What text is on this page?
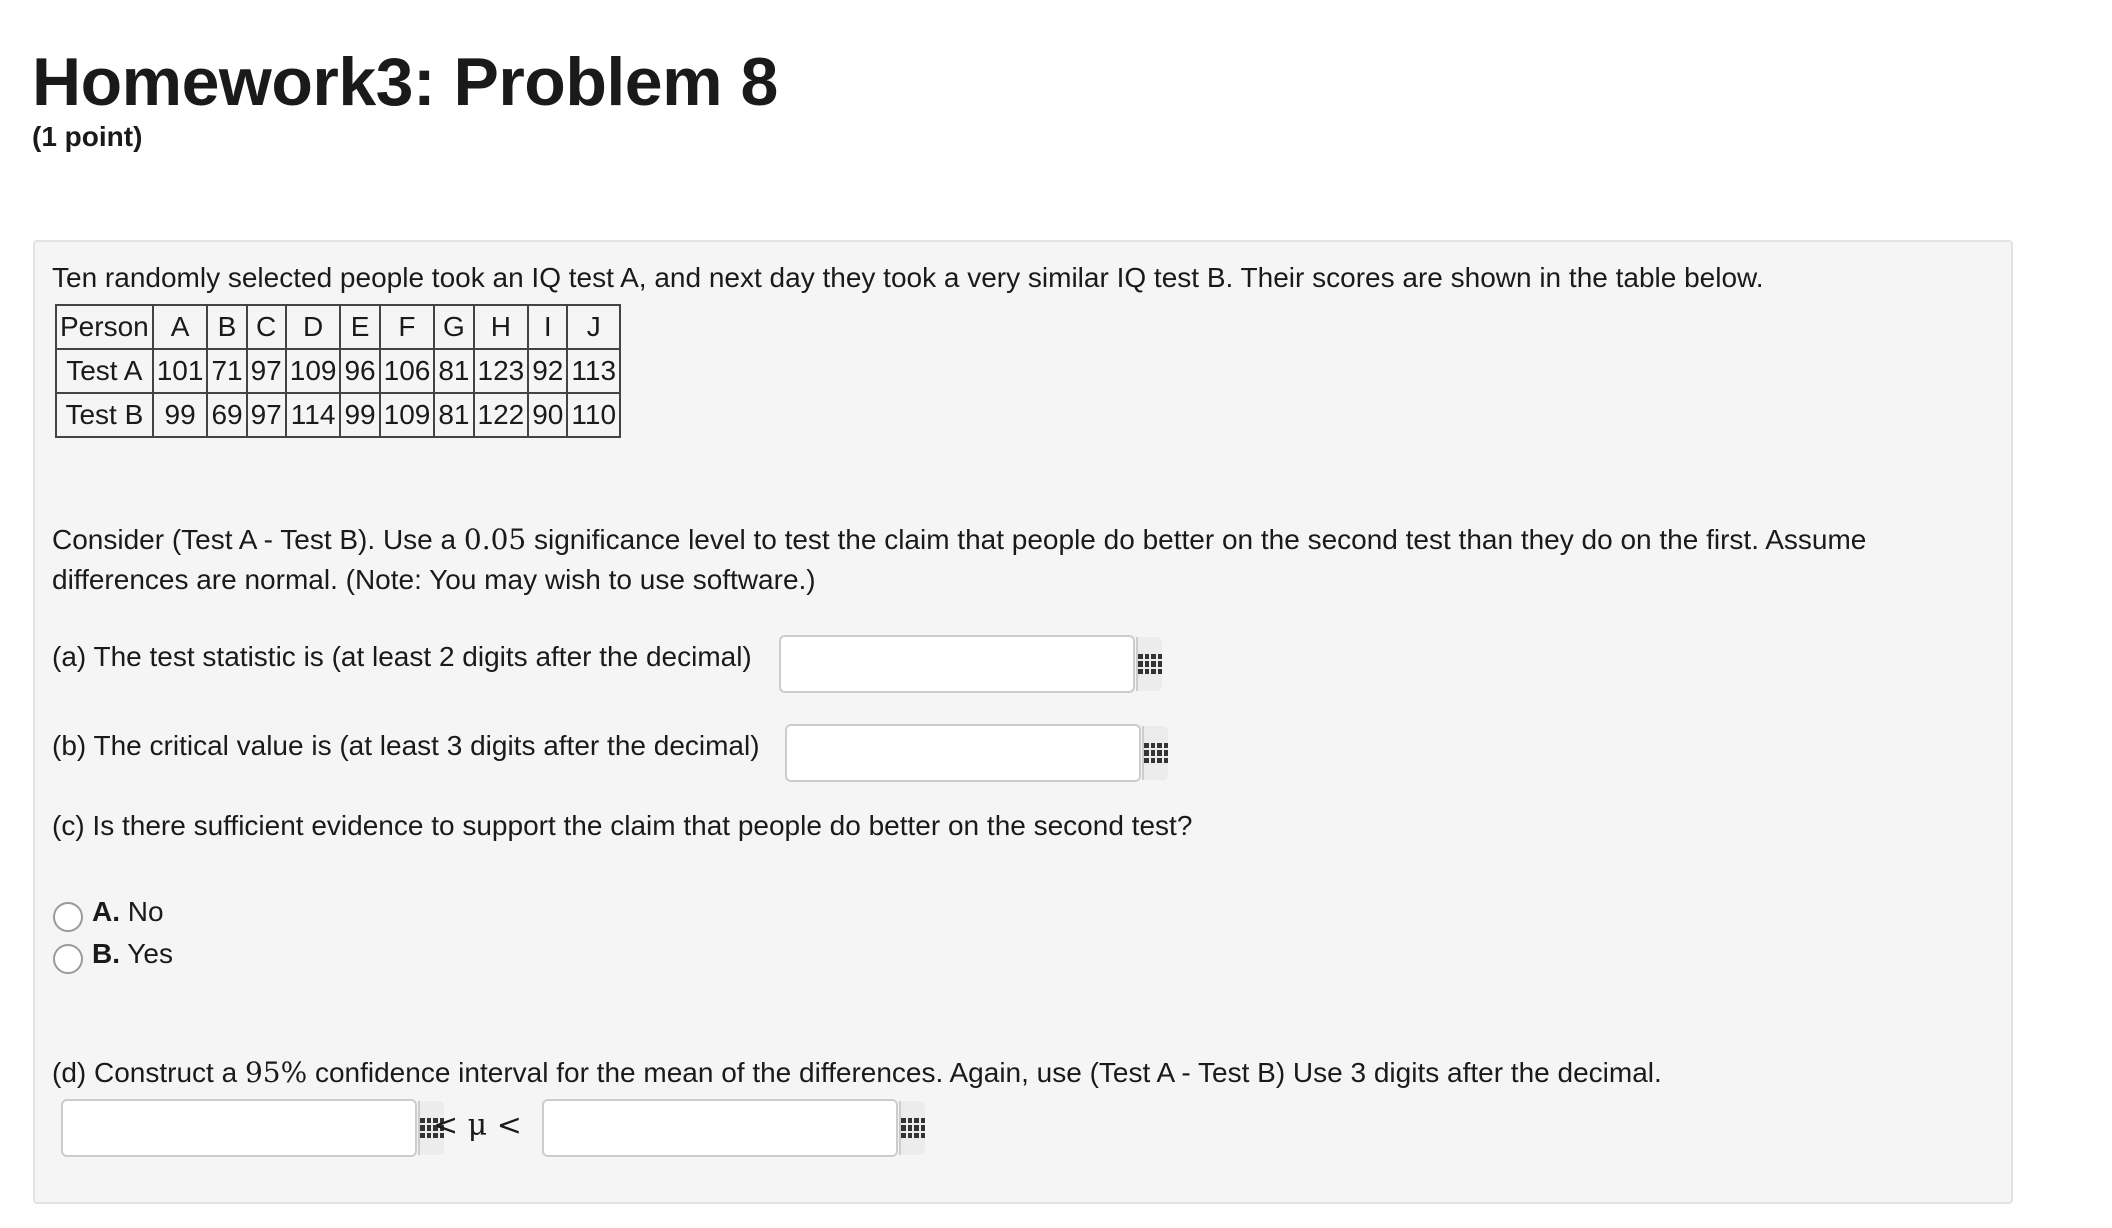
Homework3: Problem 8
(1 point)
Ten randomly selected people took an IQ test A, and next day they took a very similar IQ test B. Their scores are shown in the table below.
Person	A	B	C	D	E	F	G	H	I	J
Test A	101	71	97	109	96	106	81	123	92	113
Test B	99	69	97	114	99	109	81	122	90	110
Consider (Test A - Test B). Use a 0.05 significance level to test the claim that people do better on the second test than they do on the first. Assume
differences are normal. (Note: You may wish to use software.)
(a) The test statistic is (at least 2 digits after the decimal)
(b) The critical value is (at least 3 digits after the decimal)
(c) Is there sufficient evidence to support the claim that people do better on the second test?
A. No
B. Yes
(d) Construct a 95% confidence interval for the mean of the differences. Again, use (Test A - Test B) Use 3 digits after the decimal.
< μ <
